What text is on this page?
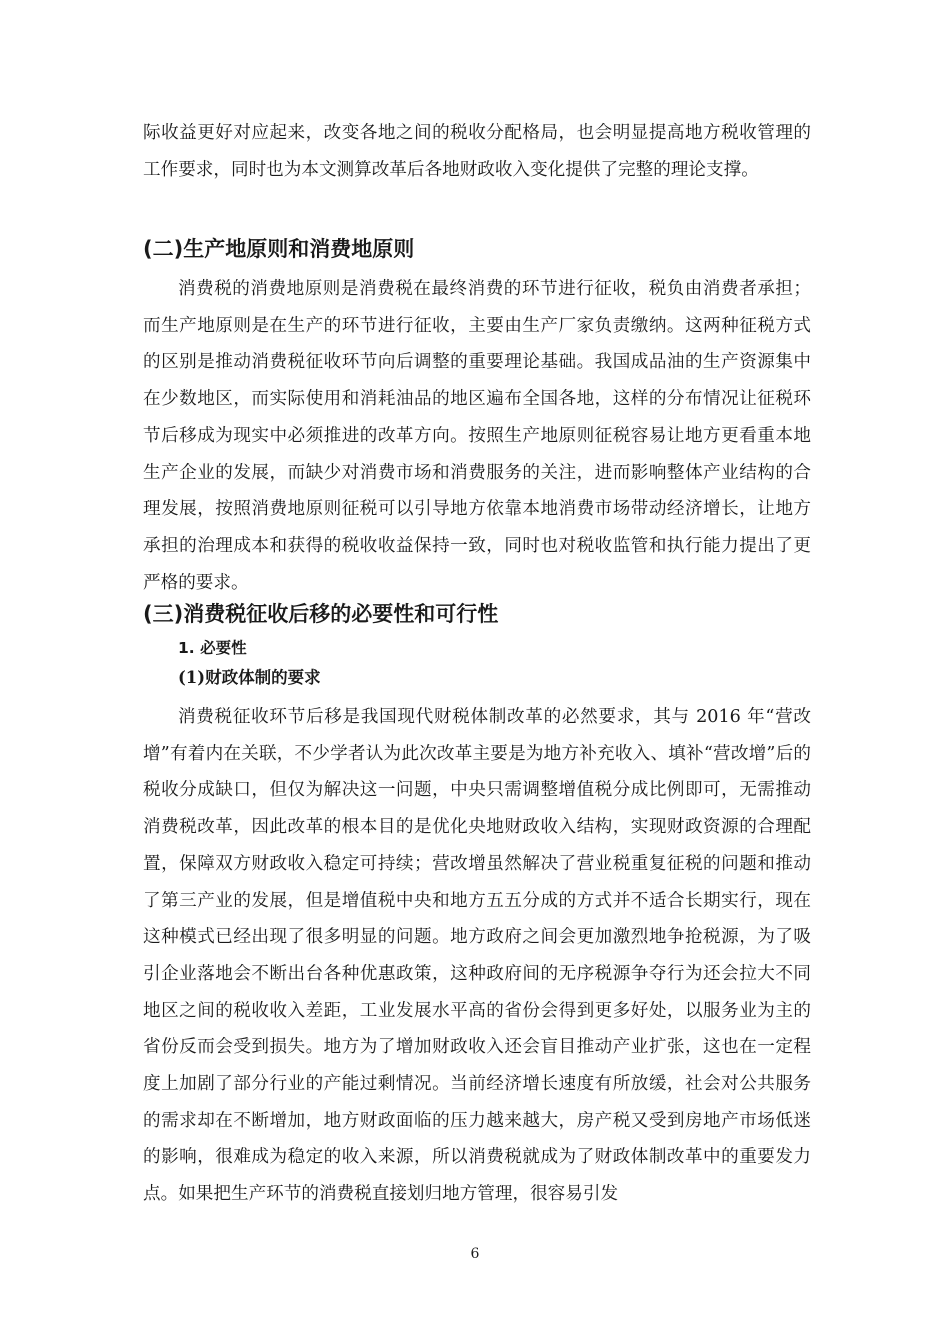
际收益更好对应起来，改变各地之间的税收分配格局，也会明显提高地方税收管理的工作要求，同时也为本文测算改革后各地财政收入变化提供了完整的理论支撑。

(二)生产地原则和消费地原则

消费税的消费地原则是消费税在最终消费的环节进行征收，税负由消费者承担；而生产地原则是在生产的环节进行征收，主要由生产厂家负责缴纳。这两种征税方式的区别是推动消费税征收环节向后调整的重要理论基础。我国成品油的生产资源集中在少数地区，而实际使用和消耗油品的地区遍布全国各地，这样的分布情况让征税环节后移成为现实中必须推进的改革方向。按照生产地原则征税容易让地方更看重本地生产企业的发展，而缺少对消费市场和消费服务的关注，进而影响整体产业结构的合理发展，按照消费地原则征税可以引导地方依靠本地消费市场带动经济增长，让地方承担的治理成本和获得的税收收益保持一致，同时也对税收监管和执行能力提出了更严格的要求。

(三)消费税征收后移的必要性和可行性
1. 必要性
(1)财政体制的要求

消费税征收环节后移是我国现代财税体制改革的必然要求，其与 2016 年“营改增”有着内在关联，不少学者认为此次改革主要是为地方补充收入、填补“营改增”后的税收分成缺口，但仅为解决这一问题，中央只需调整增值税分成比例即可，无需推动消费税改革，因此改革的根本目的是优化央地财政收入结构，实现财政资源的合理配置，保障双方财政收入稳定可持续；营改增虽然解决了营业税重复征税的问题和推动了第三产业的发展，但是增值税中央和地方五五分成的方式并不适合长期实行，现在这种模式已经出现了很多明显的问题。地方政府之间会更加激烈地争抢税源，为了吸引企业落地会不断出台各种优惠政策，这种政府间的无序税源争夺行为还会拉大不同地区之间的税收收入差距，工业发展水平高的省份会得到更多好处，以服务业为主的省份反而会受到损失。地方为了增加财政收入还会盲目推动产业扩张，这也在一定程度上加剧了部分行业的产能过剩情况。当前经济增长速度有所放缓，社会对公共服务的需求却在不断增加，地方财政面临的压力越来越大，房产税又受到房地产市场低迷的影响，很难成为稳定的收入来源，所以消费税就成为了财政体制改革中的重要发力点。如果把生产环节的消费税直接划归地方管理，很容易引发

6
